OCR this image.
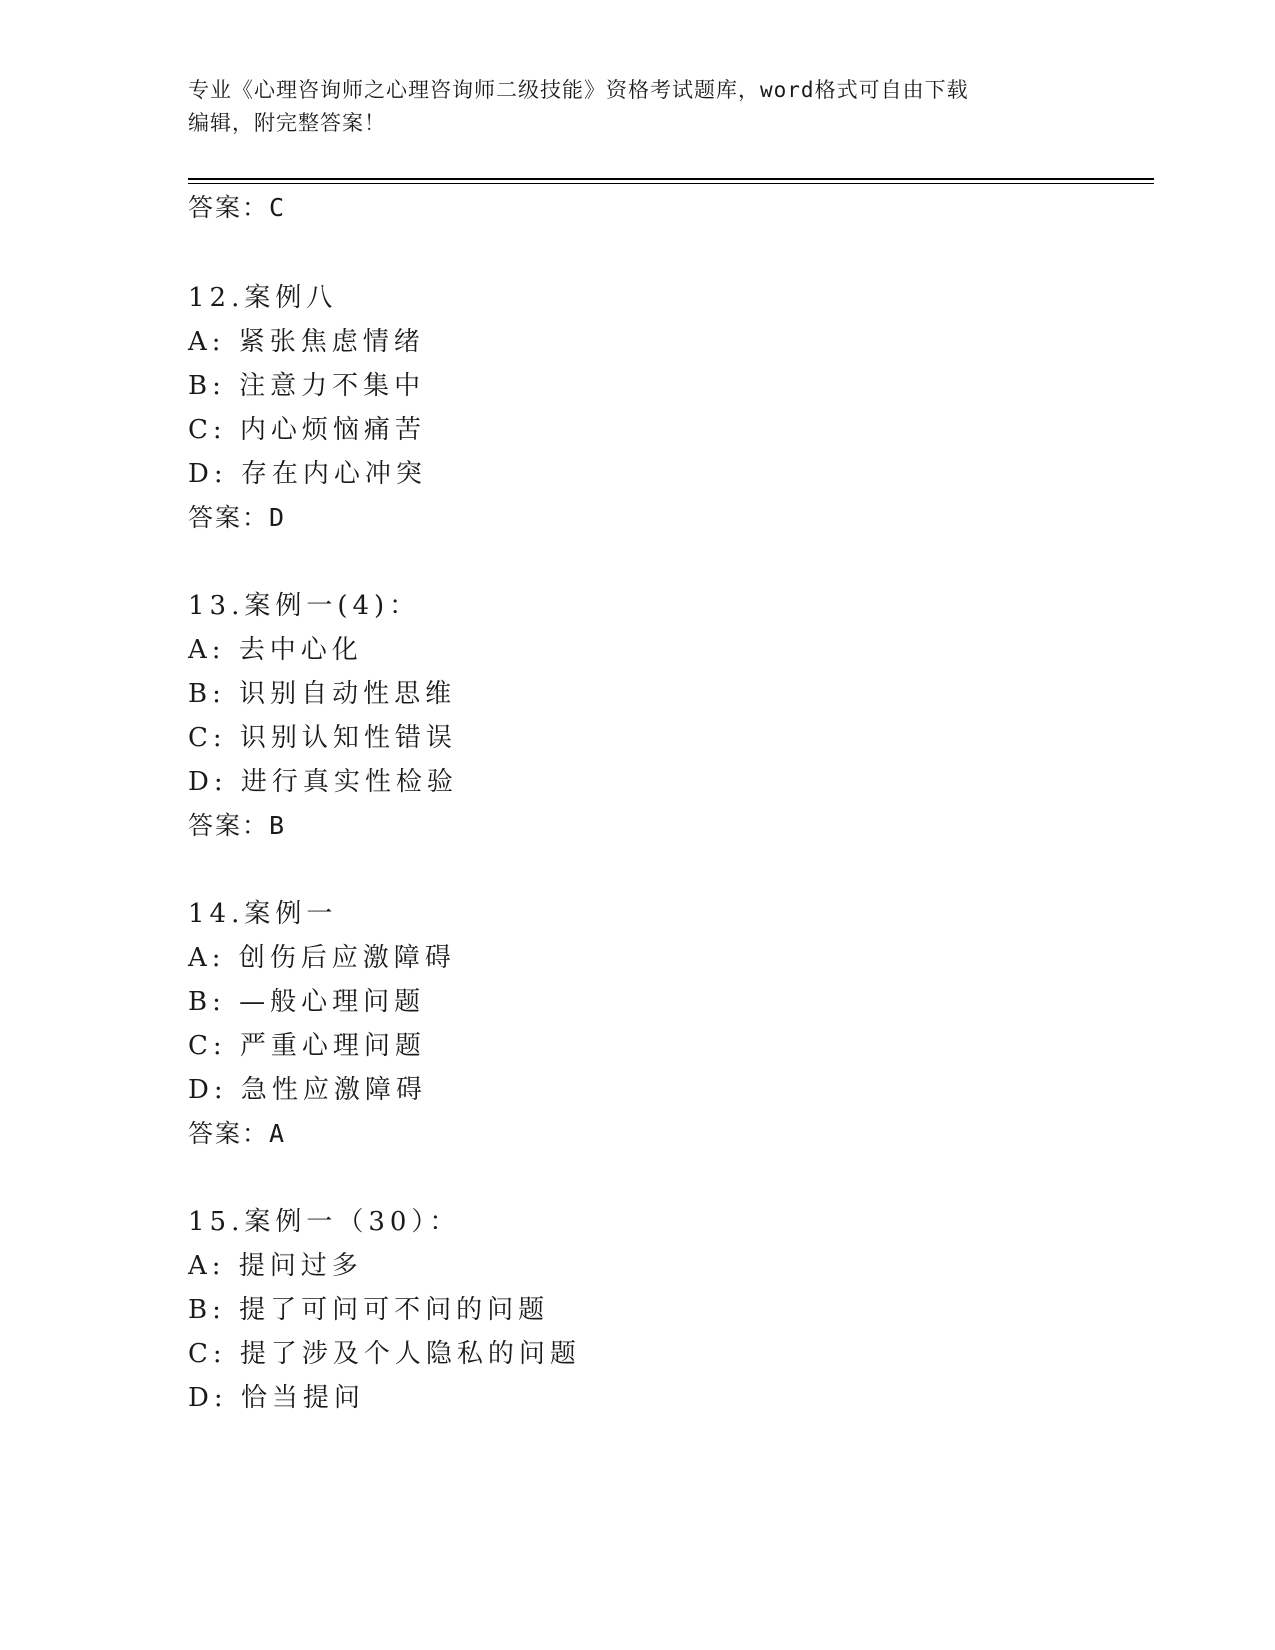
专业《心理咨询师之心理咨询师二级技能》资格考试题库，word格式可自由下载
编辑，附完整答案！
答案：C
12.案例八
A: 紧张焦虑情绪
B: 注意力不集中
C: 内心烦恼痛苦
D: 存在内心冲突
答案：D
13.案例一(4)：
A: 去中心化
B: 识别自动性思维
C: 识别认知性错误
D: 进行真实性检验
答案：B
14.案例一
A: 创伤后应激障碍
B: —般心理问题
C: 严重心理问题
D: 急性应激障碍
答案：A
15.案例一（30）：
A: 提问过多
B: 提了可问可不问的问题
C: 提了涉及个人隐私的问题
D: 恰当提问
